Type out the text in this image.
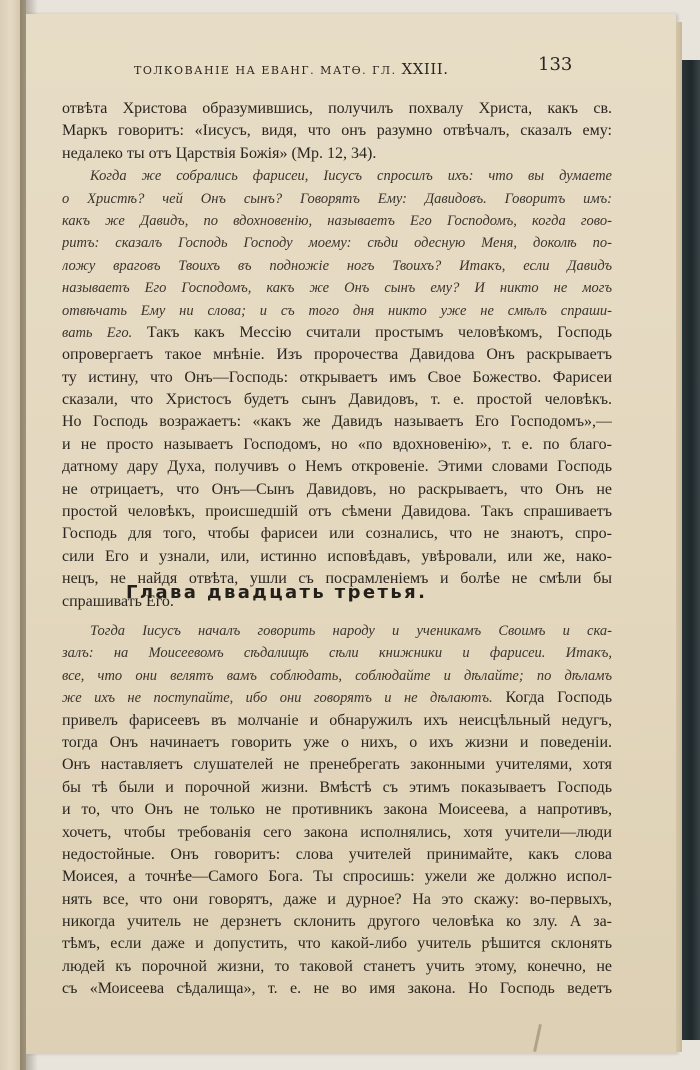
ТОЛКОВАНIЕ НА ЕВАНГ. МАТѲ. ГЛ. XXIII.	133
отвѣта Христова образумившись, получилъ похвалу Христа, какъ св.
Маркъ говоритъ: «Iисусъ, видя, что онъ разумно отвѣчалъ, сказалъ ему:
недалеко ты отъ Царствiя Божiя» (Мр. 12, 34).
Когда же собрались фарисеи, Iисусъ спросилъ ихъ: что вы думаете
о Христѣ? чей Онъ сынъ? Говорятъ Ему: Давидовъ. Говоритъ имъ:
какъ же Давидъ, по вдохновенiю, называетъ Его Господомъ, когда гово-
ритъ: сказалъ Господь Господу моему: сѣди одесную Меня, доколѣ по-
ложу враговъ Твоихъ въ подножiе ногъ Твоихъ? Итакъ, если Давидъ
называетъ Его Господомъ, какъ же Онъ сынъ ему? И никто не могъ
отвѣчать Ему ни слова; и съ того дня никто уже не смѣлъ спраши-
вать Его. Такъ какъ Мессiю считали простымъ человѣкомъ, Господь
опровергаетъ такое мнѣнiе. Изъ пророчества Давидова Онъ раскрываетъ
ту истину, что Онъ—Господь: открываетъ имъ Свое Божество. Фарисеи
сказали, что Христосъ будетъ сынъ Давидовъ, т. е. простой человѣкъ.
Но Господь возражаетъ: «какъ же Давидъ называетъ Его Господомъ»,—
и не просто называетъ Господомъ, но «по вдохновенiю», т. е. по благо-
датному дару Духа, получивъ о Немъ откровенiе. Этими словами Господь
не отрицаетъ, что Онъ—Сынъ Давидовъ, но раскрываетъ, что Онъ не
простой человѣкъ, происшедшiй отъ сѣмени Давидова. Такъ спрашиваетъ
Господь для того, чтобы фарисеи или сознались, что не знаютъ, спро-
сили Его и узнали, или, истинно исповѣдавъ, увѣровали, или же, нако-
нецъ, не найдя отвѣта, ушли съ посрамленiемъ и болѣе не смѣли бы
спрашивать Его.
Глава двадцать третья.
Тогда Iисусъ началъ говорить народу и ученикамъ Своимъ и ска-
залъ: на Моисеевомъ сѣдалищѣ сѣли книжники и фарисеи. Итакъ,
все, что они велятъ вамъ соблюдать, соблюдайте и дѣлайте; по дѣламъ
же ихъ не поступайте, ибо они говорятъ и не дѣлаютъ. Когда Господь
привелъ фарисеевъ въ молчанiе и обнаружилъ ихъ неисцѣльный недугъ,
тогда Онъ начинаетъ говорить уже о нихъ, о ихъ жизни и поведенiи.
Онъ наставляетъ слушателей не пренебрегать законными учителями, хотя
бы тѣ были и порочной жизни. Вмѣстѣ съ этимъ показываетъ Господь
и то, что Онъ не только не противникъ закона Моисеева, а напротивъ,
хочетъ, чтобы требованiя сего закона исполнялись, хотя учители—люди
недостойные. Онъ говоритъ: слова учителей принимайте, какъ слова
Моисея, а точнѣе—Самого Бога. Ты спросишь: ужели же должно испол-
нять все, что они говорятъ, даже и дурное? На это скажу: во-первыхъ,
никогда учитель не дерзнетъ склонить другого человѣка ко злу. А за-
тѣмъ, если даже и допустить, что какой-либо учитель рѣшится склонять
людей къ порочной жизни, то таковой станетъ учить этому, конечно, не
съ «Моисеева сѣдалища», т. е. не во имя закона. Но Господь ведетъ
